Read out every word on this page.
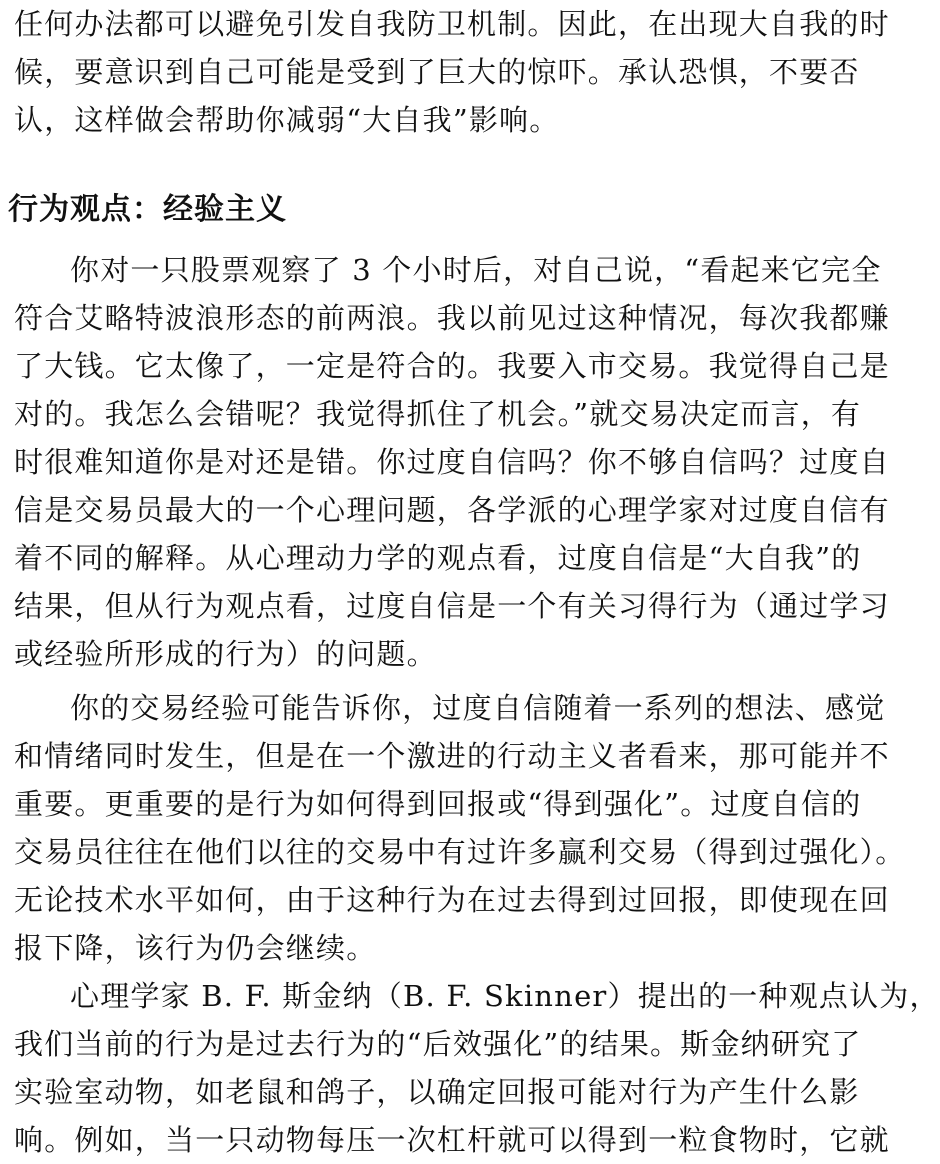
任何办法都可以避免引发自我防卫机制。因此，在出现大自我的时
候，要意识到自己可能是受到了巨大的惊吓。承认恐惧，不要否
认，这样做会帮助你减弱“大自我”影响。
行为观点：经验主义
你对一只股票观察了 3 个小时后，对自己说，“看起来它完全
符合艾略特波浪形态的前两浪。我以前见过这种情况，每次我都赚
了大钱。它太像了，一定是符合的。我要入市交易。我觉得自己是
对的。我怎么会错呢？我觉得抓住了机会。”就交易决定而言，有
时很难知道你是对还是错。你过度自信吗？你不够自信吗？过度自
信是交易员最大的一个心理问题，各学派的心理学家对过度自信有
着不同的解释。从心理动力学的观点看，过度自信是“大自我”的
结果，但从行为观点看，过度自信是一个有关习得行为（通过学习
或经验所形成的行为）的问题。
你的交易经验可能告诉你，过度自信随着一系列的想法、感觉
和情绪同时发生，但是在一个激进的行动主义者看来，那可能并不
重要。更重要的是行为如何得到回报或“得到强化”。过度自信的
交易员往往在他们以往的交易中有过许多赢利交易（得到过强化）。
无论技术水平如何，由于这种行为在过去得到过回报，即使现在回
报下降，该行为仍会继续。
心理学家 B. F. 斯金纳（B. F. Skinner）提出的一种观点认为，
我们当前的行为是过去行为的“后效强化”的结果。斯金纳研究了
实验室动物，如老鼠和鸽子，以确定回报可能对行为产生什么影
响。例如，当一只动物每压一次杠杆就可以得到一粒食物时，它就
